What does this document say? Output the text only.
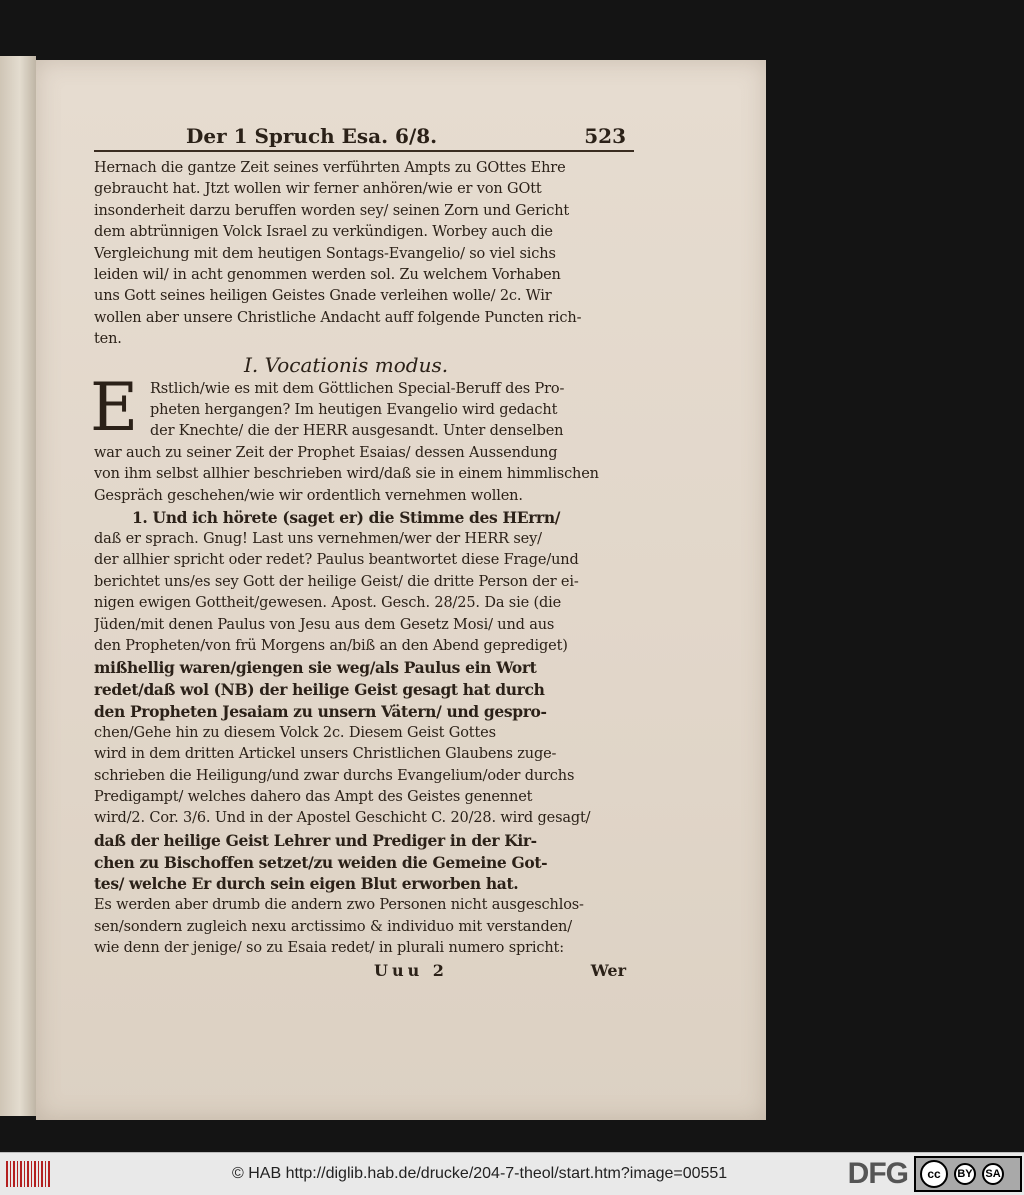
Der 1 Spruch Esa. 6/8.	523
Hernach die gantze Zeit seines verführten Ampts zu GOttes Ehre
gebraucht hat. Jtzt wollen wir ferner anhören/wie er von GOtt
insonderheit darzu beruffen worden sey/ seinen Zorn und Gericht
dem abtrünnigen Volck Israel zu verkündigen. Worbey auch die
Vergleichung mit dem heutigen Sontags-Evangelio/ so viel sichs
leiden wil/ in acht genommen werden sol. Zu welchem Vorhaben
uns Gott seines heiligen Geistes Gnade verleihen wolle/ 2c. Wir
wollen aber unsere Christliche Andacht auff folgende Puncten rich-
ten.
I. Vocationis modus.
E Rstlich/wie es mit dem Göttlichen Special-Beruff des Pro-
pheten hergangen? Im heutigen Evangelio wird gedacht
der Knechte/ die der HERR ausgesandt. Unter denselben
war auch zu seiner Zeit der Prophet Esaias/ dessen Aussendung
von ihm selbst allhier beschrieben wird/daß sie in einem himmlischen
Gespräch geschehen/wie wir ordentlich vernehmen wollen.
1. Und ich hörete (saget er) die Stimme des HErrn/
daß er sprach. Gnug! Last uns vernehmen/wer der HERR sey/
der allhier spricht oder redet? Paulus beantwortet diese Frage/und
berichtet uns/es sey Gott der heilige Geist/ die dritte Person der ei-
nigen ewigen Gottheit/gewesen. Apost. Gesch. 28/25. Da sie (die
Jüden/mit denen Paulus von Jesu aus dem Gesetz Mosi/ und aus
den Propheten/von frü Morgens an/biß an den Abend geprediget)
mißhellig waren/giengen sie weg/als Paulus ein Wort
redet/daß wol (NB) der heilige Geist gesagt hat durch
den Propheten Jesaiam zu unsern Vätern/ und gespro-
chen/Gehe hin zu diesem Volck 2c. Diesem Geist Gottes
wird in dem dritten Artickel unsers Christlichen Glaubens zuge-
schrieben die Heiligung/und zwar durchs Evangelium/oder durchs
Predigampt/ welches dahero das Ampt des Geistes genennet
wird/2. Cor. 3/6. Und in der Apostel Geschicht C. 20/28. wird gesagt/
daß der heilige Geist Lehrer und Prediger in der Kir-
chen zu Bischoffen setzet/zu weiden die Gemeine Got-
tes/ welche Er durch sein eigen Blut erworben hat.
Es werden aber drumb die andern zwo Personen nicht ausgeschlos-
sen/sondern zugleich nexu arctissimo & individuo mit verstanden/
wie denn der jenige/ so zu Esaia redet/ in plurali numero spricht:
Uuu 2	Wer
© HAB http://diglib.hab.de/drucke/204-7-theol/start.htm?image=00551	DFG	cc	BY	SA
